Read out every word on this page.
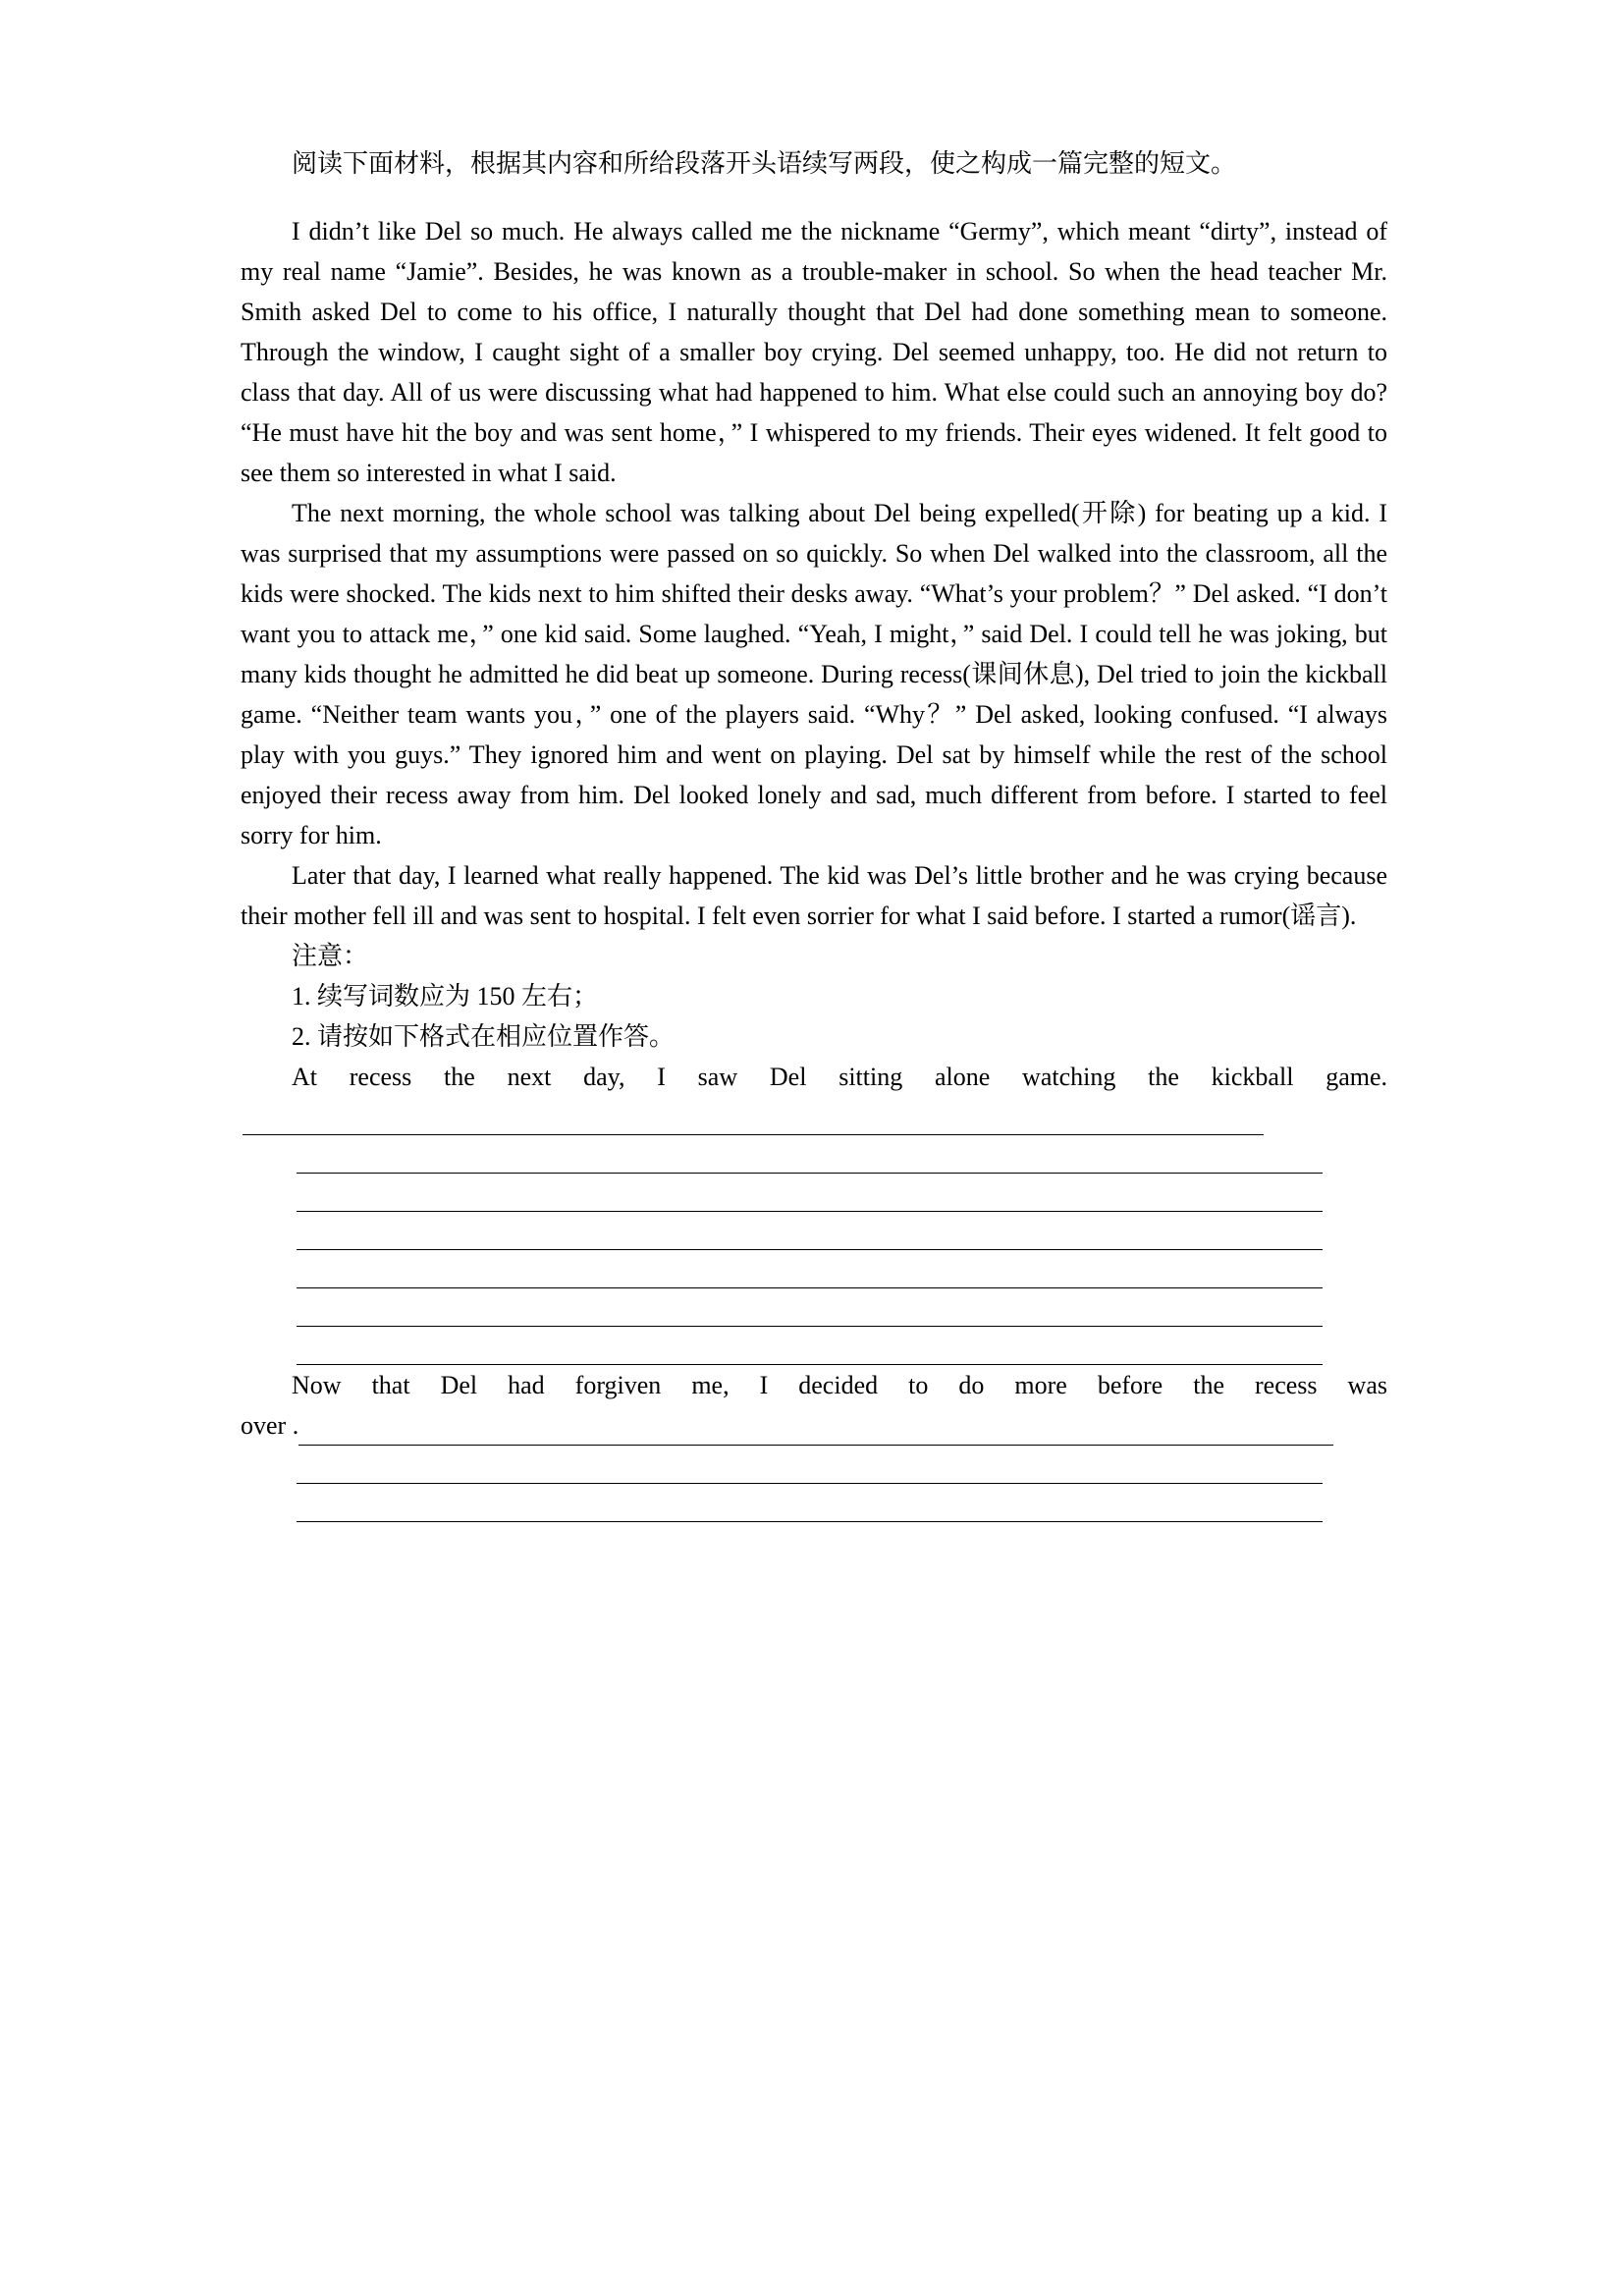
阅读下面材料，根据其内容和所给段落开头语续写两段，使之构成一篇完整的短文。

I didn’t like Del so much. He always called me the nickname “Germy”, which meant “dirty”, instead of my real name “Jamie”. Besides, he was known as a trouble-maker in school. So when the head teacher Mr. Smith asked Del to come to his office, I naturally thought that Del had done something mean to someone. Through the window, I caught sight of a smaller boy crying. Del seemed unhappy, too. He did not return to class that day. All of us were discussing what had happened to him. What else could such an annoying boy do? “He must have hit the boy and was sent home，” I whispered to my friends. Their eyes widened. It felt good to see them so interested in what I said.

The next morning, the whole school was talking about Del being expelled(开除) for beating up a kid. I was surprised that my assumptions were passed on so quickly. So when Del walked into the classroom, all the kids were shocked. The kids next to him shifted their desks away. “What’s your problem？” Del asked. “I don’t want you to attack me，” one kid said. Some laughed. “Yeah, I might，” said Del. I could tell he was joking, but many kids thought he admitted he did beat up someone. During recess(课间休息), Del tried to join the kickball game. “Neither team wants you，” one of the players said. “Why？” Del asked, looking confused. “I always play with you guys.” They ignored him and went on playing. Del sat by himself while the rest of the school enjoyed their recess away from him. Del looked lonely and sad, much different from before. I started to feel sorry for him.

Later that day, I learned what really happened. The kid was Del’s little brother and he was crying because their mother fell ill and was sent to hospital. I felt even sorrier for what I said before. I started a rumor(谣言).

注意：

1. 续写词数应为 150 左右；

2. 请按如下格式在相应位置作答。

At recess the next day, I saw Del sitting alone watching the kickball game.

Now that Del had forgiven me, I decided to do more before the recess was

over .
